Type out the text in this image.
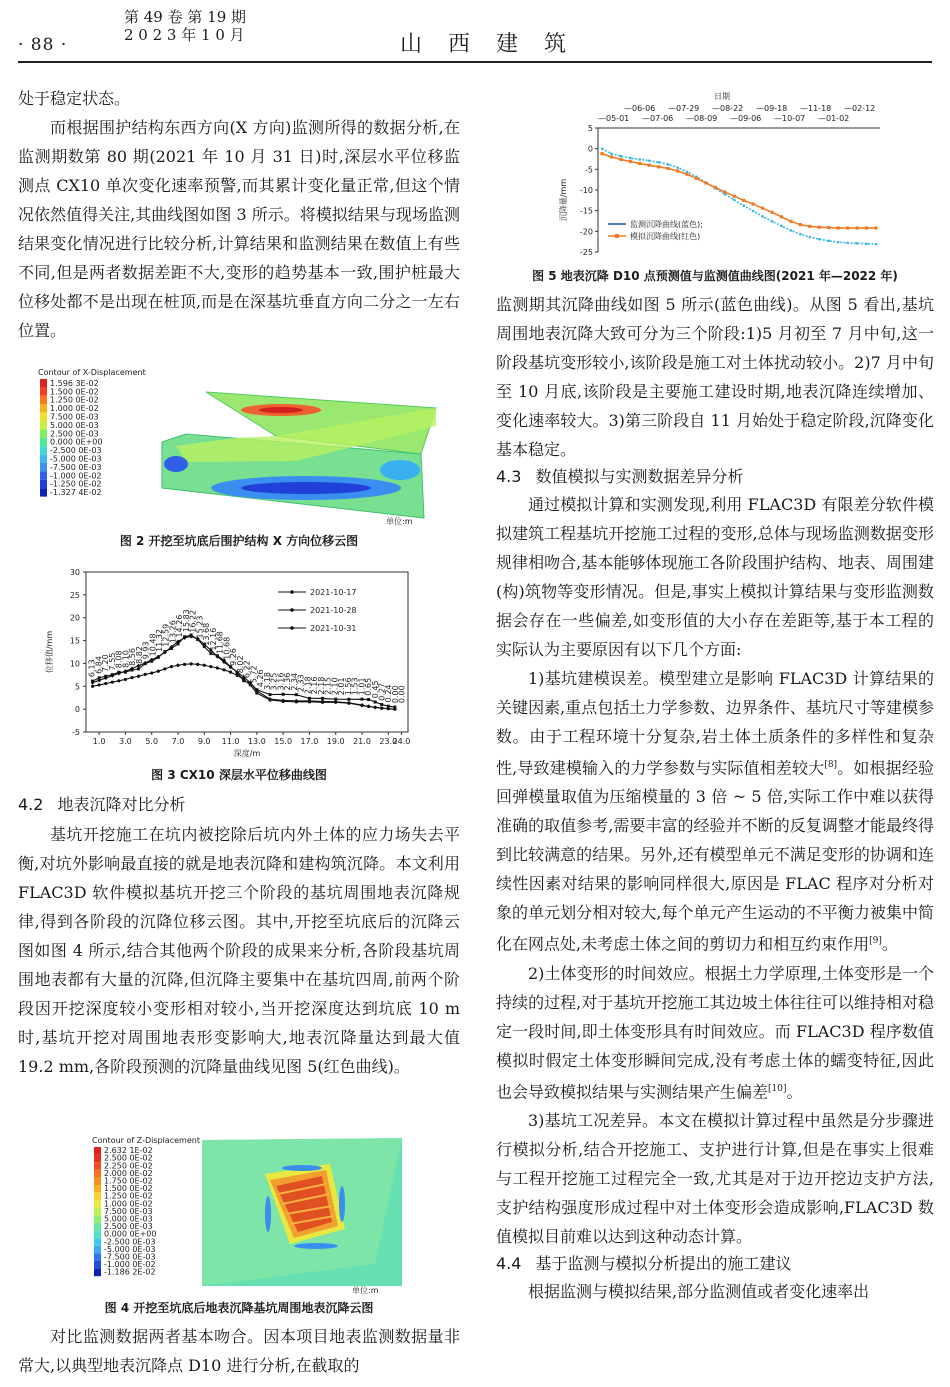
· 88 ·
第 49 卷 第 19 期
2 0 2 3 年 1 0 月	山西建筑

处于稳定状态。

而根据围护结构东西方向(X 方向)监测所得的数据分析,在监测期数第 80 期(2021 年 10 月 31 日)时,深层水平位移监测点 CX10 单次变化速率预警,而其累计变化量正常,但这个情况依然值得关注,其曲线图如图 3 所示。将模拟结果与现场监测结果变化情况进行比较分析,计算结果和监测结果在数值上有些不同,但是两者数据差距不大,变形的趋势基本一致,围护桩最大位移处都不是出现在桩顶,而是在深基坑垂直方向二分之一左右位置。

Contour of X-Displacement
1.596 3E-02
1.500 0E-02
1.250 0E-02
1.000 0E-02
7.500 0E-03
5.000 0E-03
2.500 0E-03
0.000 0E+00
-2.500 0E-03
-5.000 0E-03
-7.500 0E-03
-1.000 0E-02
-1.250 0E-02
-1.327 4E-02
单位:m
图 2 开挖至坑底后围护结构 X 方向位移云图
-5
0
5
10
15
20
25
30
1.0 3.0 5.0 7.0 9.0 11.0 13.0 15.0 17.0 19.0 21.0 23.0
24.0
深度/m
位移值/mm
2021-10-17
2021-10-28
2021-10-31
6.13
6.84
7.20
7.55
8.08
8.10
8.56
8.82
9.93
10.48
11.32
12.59
13.26
14.26
15.83
16.22
15.23
13.68
12.16
11.68
10.68
9.26
8.02
6.22
5.72
4.26
3.18
3.25
3.16
2.36
2.34
2.33
2.18
2.16
2.18
2.15
2.10
2.01
1.56
1.53
1.01
0.65
0.45
0.27
0.24
0.00
0.00
图 3 CX10 深层水平位移曲线图
4.2 地表沉降对比分析

基坑开挖施工在坑内被挖除后坑内外土体的应力场失去平衡,对坑外影响最直接的就是地表沉降和建构筑沉降。本文利用 FLAC3D 软件模拟基坑开挖三个阶段的基坑周围地表沉降规律,得到各阶段的沉降位移云图。其中,开挖至坑底后的沉降云图如图 4 所示,结合其他两个阶段的成果来分析,各阶段基坑周围地表都有大量的沉降,但沉降主要集中在基坑四周,前两个阶段因开挖深度较小变形相对较小,当开挖深度达到坑底 10 m 时,基坑开挖对周围地表形变影响大,地表沉降量达到最大值 19.2 mm,各阶段预测的沉降量曲线见图 5(红色曲线)。

Contour of Z-Displacement
2.632 1E-02
2.500 0E-02
2.250 0E-02
2.000 0E-02
1.750 0E-02
1.500 0E-02
1.250 0E-02
1.000 0E-02
7.500 0E-03
5.000 0E-03
2.500 0E-03
0.000 0E+00
-2.500 0E-03
-5.000 0E-03
-7.500 0E-03
-1.000 0E-02
-1.186 2E-02
单位:m
图 4 开挖至坑底后地表沉降基坑周围地表沉降云图

对比监测数据两者基本吻合。因本项目地表监测数据量非常大,以典型地表沉降点 D10 进行分析,在截取的

日期
—06-06 —07-29 —08-22 —09-18 —11-18 —02-12
—05-01 —07-06 —08-09 —09-06 —10-07 —01-02
5
0
-5
-10
-15
-20
-25
沉降量/mm
监测沉降曲线(蓝色);
模拟沉降曲线(红色)
图 5 地表沉降 D10 点预测值与监测值曲线图(2021 年—2022 年)

监测期其沉降曲线如图 5 所示(蓝色曲线)。从图 5 看出,基坑周围地表沉降大致可分为三个阶段:1)5 月初至 7 月中旬,这一阶段基坑变形较小,该阶段是施工对土体扰动较小。2)7 月中旬至 10 月底,该阶段是主要施工建设时期,地表沉降连续增加、变化速率较大。3)第三阶段自 11 月始处于稳定阶段,沉降变化基本稳定。

4.3 数值模拟与实测数据差异分析

通过模拟计算和实测发现,利用 FLAC3D 有限差分软件模拟建筑工程基坑开挖施工过程的变形,总体与现场监测数据变形规律相吻合,基本能够体现施工各阶段围护结构、地表、周围建(构)筑物等变形情况。但是,事实上模拟计算结果与变形监测数据会存在一些偏差,如变形值的大小存在差距等,基于本工程的实际认为主要原因有以下几个方面:

1)基坑建模误差。模型建立是影响 FLAC3D 计算结果的关键因素,重点包括土力学参数、边界条件、基坑尺寸等建模参数。由于工程环境十分复杂,岩土体土质条件的多样性和复杂性,导致建模输入的力学参数与实际值相差较大[8]。如根据经验回弹模量取值为压缩模量的 3 倍 ~ 5 倍,实际工作中难以获得准确的取值参考,需要丰富的经验并不断的反复调整才能最终得到比较满意的结果。另外,还有模型单元不满足变形的协调和连续性因素对结果的影响同样很大,原因是 FLAC 程序对分析对象的单元划分相对较大,每个单元产生运动的不平衡力被集中简化在网点处,未考虑土体之间的剪切力和相互约束作用[9]。

2)土体变形的时间效应。根据土力学原理,土体变形是一个持续的过程,对于基坑开挖施工其边坡土体往往可以维持相对稳定一段时间,即土体变形具有时间效应。而 FLAC3D 程序数值模拟时假定土体变形瞬间完成,没有考虑土体的蠕变特征,因此也会导致模拟结果与实测结果产生偏差[10]。

3)基坑工况差异。本文在模拟计算过程中虽然是分步骤进行模拟分析,结合开挖施工、支护进行计算,但是在事实上很难与工程开挖施工过程完全一致,尤其是对于边开挖边支护方法,支护结构强度形成过程中对土体变形会造成影响,FLAC3D 数值模拟目前难以达到这种动态计算。

4.4 基于监测与模拟分析提出的施工建议

根据监测与模拟结果,部分监测值或者变化速率出
